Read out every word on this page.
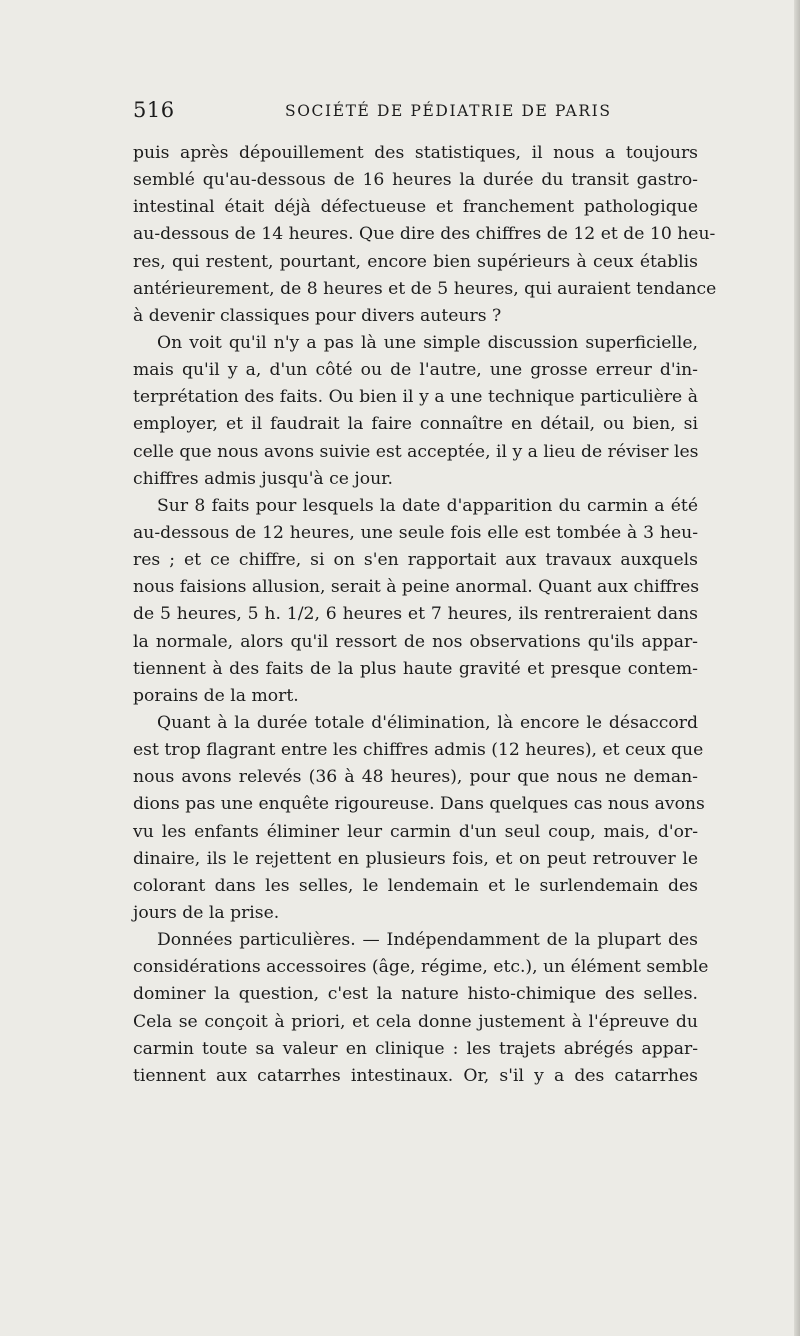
516	SOCIÉTÉ DE PÉDIATRIE DE PARIS
puis après dépouillement des statistiques, il nous a toujours
semblé qu'au-dessous de 16 heures la durée du transit gastro-
intestinal était déjà défectueuse et franchement pathologique
au-dessous de 14 heures. Que dire des chiffres de 12 et de 10 heu-
res, qui restent, pourtant, encore bien supérieurs à ceux établis
antérieurement, de 8 heures et de 5 heures, qui auraient tendance
à devenir classiques pour divers auteurs ?
On voit qu'il n'y a pas là une simple discussion superficielle,
mais qu'il y a, d'un côté ou de l'autre, une grosse erreur d'in-
terprétation des faits. Ou bien il y a une technique particulière à
employer, et il faudrait la faire connaître en détail, ou bien, si
celle que nous avons suivie est acceptée, il y a lieu de réviser les
chiffres admis jusqu'à ce jour.
Sur 8 faits pour lesquels la date d'apparition du carmin a été
au-dessous de 12 heures, une seule fois elle est tombée à 3 heu-
res ; et ce chiffre, si on s'en rapportait aux travaux auxquels
nous faisions allusion, serait à peine anormal. Quant aux chiffres
de 5 heures, 5 h. 1/2, 6 heures et 7 heures, ils rentreraient dans
la normale, alors qu'il ressort de nos observations qu'ils appar-
tiennent à des faits de la plus haute gravité et presque contem-
porains de la mort.
Quant à la durée totale d'élimination, là encore le désaccord
est trop flagrant entre les chiffres admis (12 heures), et ceux que
nous avons relevés (36 à 48 heures), pour que nous ne deman-
dions pas une enquête rigoureuse. Dans quelques cas nous avons
vu les enfants éliminer leur carmin d'un seul coup, mais, d'or-
dinaire, ils le rejettent en plusieurs fois, et on peut retrouver le
colorant dans les selles, le lendemain et le surlendemain des
jours de la prise.
Données particulières. — Indépendamment de la plupart des
considérations accessoires (âge, régime, etc.), un élément semble
dominer la question, c'est la nature histo-chimique des selles.
Cela se conçoit à priori, et cela donne justement à l'épreuve du
carmin toute sa valeur en clinique : les trajets abrégés appar-
tiennent aux catarrhes intestinaux. Or, s'il y a des catarrhes
